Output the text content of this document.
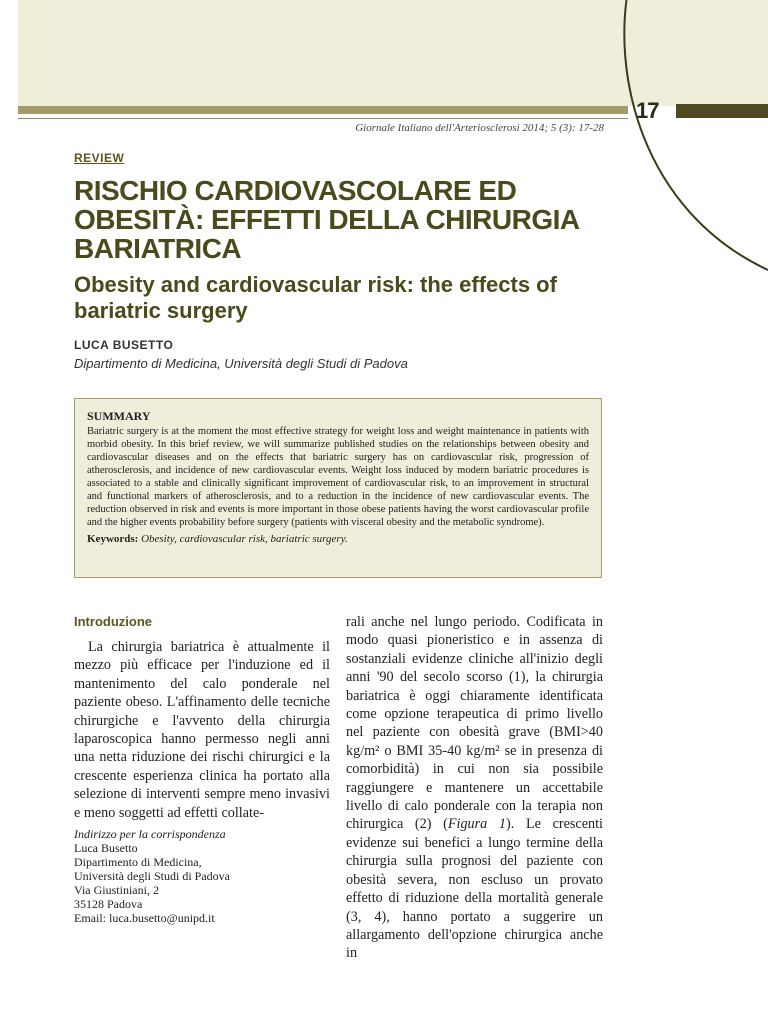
17
Giornale Italiano dell'Arteriosclerosi 2014; 5 (3): 17-28
REVIEW
RISCHIO CARDIOVASCOLARE ED OBESITÀ: EFFETTI DELLA CHIRURGIA BARIATRICA
Obesity and cardiovascular risk: the effects of bariatric surgery
LUCA BUSETTO
Dipartimento di Medicina, Università degli Studi di Padova
SUMMARY
Bariatric surgery is at the moment the most effective strategy for weight loss and weight maintenance in patients with morbid obesity. In this brief review, we will summarize published studies on the relationships between obesity and cardiovascular diseases and on the effects that bariatric surgery has on cardiovascular risk, progression of atherosclerosis, and incidence of new cardiovascular events. Weight loss induced by modern bariatric procedures is associated to a stable and clinically significant improvement of cardiovascular risk, to an improvement in structural and functional markers of atherosclerosis, and to a reduction in the incidence of new cardiovascular events. The reduction observed in risk and events is more important in those obese patients having the worst cardiovascular profile and the higher events probability before surgery (patients with visceral obesity and the metabolic syndrome).
Keywords: Obesity, cardiovascular risk, bariatric surgery.
Introduzione
La chirurgia bariatrica è attualmente il mezzo più efficace per l'induzione ed il mantenimento del calo ponderale nel paziente obeso. L'affinamento delle tecniche chirurgiche e l'avvento della chirurgia laparoscopica hanno permesso negli anni una netta riduzione dei rischi chirurgici e la crescente esperienza clinica ha portato alla selezione di interventi sempre meno invasivi e meno soggetti ad effetti collate-
Indirizzo per la corrispondenza
Luca Busetto
Dipartimento di Medicina,
Università degli Studi di Padova
Via Giustiniani, 2
35128 Padova
Email: luca.busetto@unipd.it
rali anche nel lungo periodo. Codificata in modo quasi pioneristico e in assenza di sostanziali evidenze cliniche all'inizio degli anni '90 del secolo scorso (1), la chirurgia bariatrica è oggi chiaramente identificata come opzione terapeutica di primo livello nel paziente con obesità grave (BMI>40 kg/m² o BMI 35-40 kg/m² se in presenza di comorbidità) in cui non sia possibile raggiungere e mantenere un accettabile livello di calo ponderale con la terapia non chirurgica (2) (Figura 1). Le crescenti evidenze sui benefici a lungo termine della chirurgia sulla prognosi del paziente con obesità severa, non escluso un provato effetto di riduzione della mortalità generale (3, 4), hanno portato a suggerire un allargamento dell'opzione chirurgica anche in
